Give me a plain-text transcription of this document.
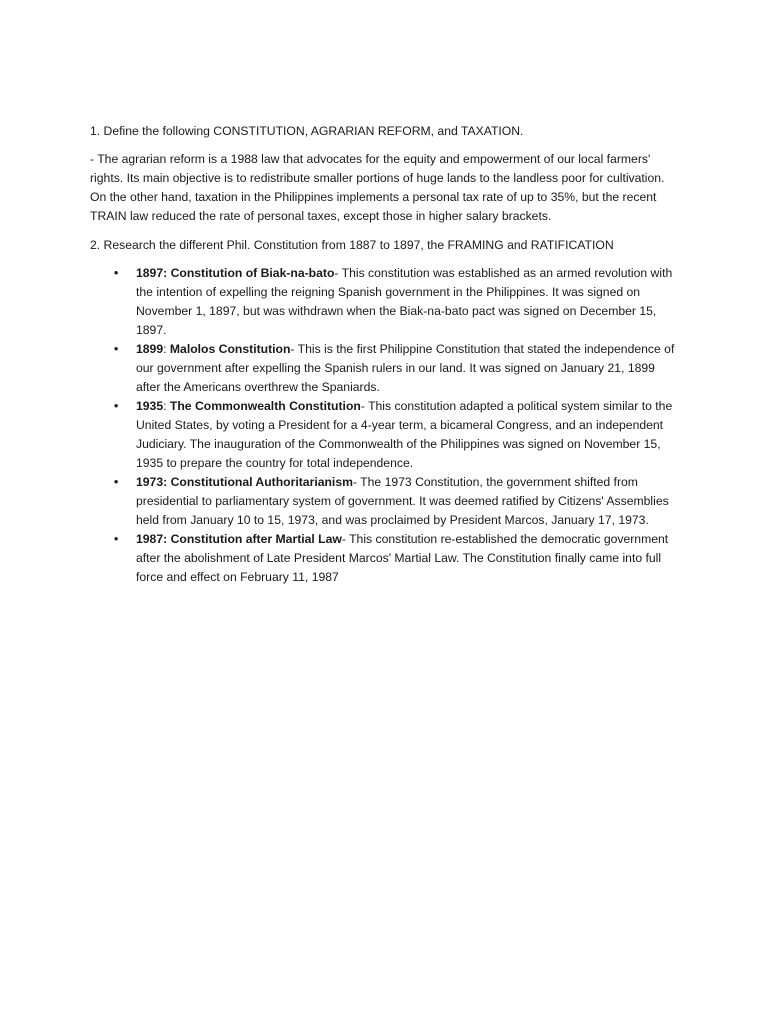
1. Define the following CONSTITUTION, AGRARIAN REFORM, and TAXATION.

- The agrarian reform is a 1988 law that advocates for the equity and empowerment of our local farmers' rights. Its main objective is to redistribute smaller portions of huge lands to the landless poor for cultivation. On the other hand, taxation in the Philippines implements a personal tax rate of up to 35%, but the recent TRAIN law reduced the rate of personal taxes, except those in higher salary brackets.

2. Research the different Phil. Constitution from 1887 to 1897, the FRAMING and RATIFICATION

• 1897: Constitution of Biak-na-bato- This constitution was established as an armed revolution with the intention of expelling the reigning Spanish government in the Philippines. It was signed on November 1, 1897, but was withdrawn when the Biak-na-bato pact was signed on December 15, 1897.
• 1899: Malolos Constitution- This is the first Philippine Constitution that stated the independence of our government after expelling the Spanish rulers in our land. It was signed on January 21, 1899 after the Americans overthrew the Spaniards.
• 1935: The Commonwealth Constitution- This constitution adapted a political system similar to the United States, by voting a President for a 4-year term, a bicameral Congress, and an independent Judiciary. The inauguration of the Commonwealth of the Philippines was signed on November 15, 1935 to prepare the country for total independence.
• 1973: Constitutional Authoritarianism- The 1973 Constitution, the government shifted from presidential to parliamentary system of government. It was deemed ratified by Citizens' Assemblies held from January 10 to 15, 1973, and was proclaimed by President Marcos, January 17, 1973.
• 1987: Constitution after Martial Law- This constitution re-established the democratic government after the abolishment of Late President Marcos' Martial Law. The Constitution finally came into full force and effect on February 11, 1987
